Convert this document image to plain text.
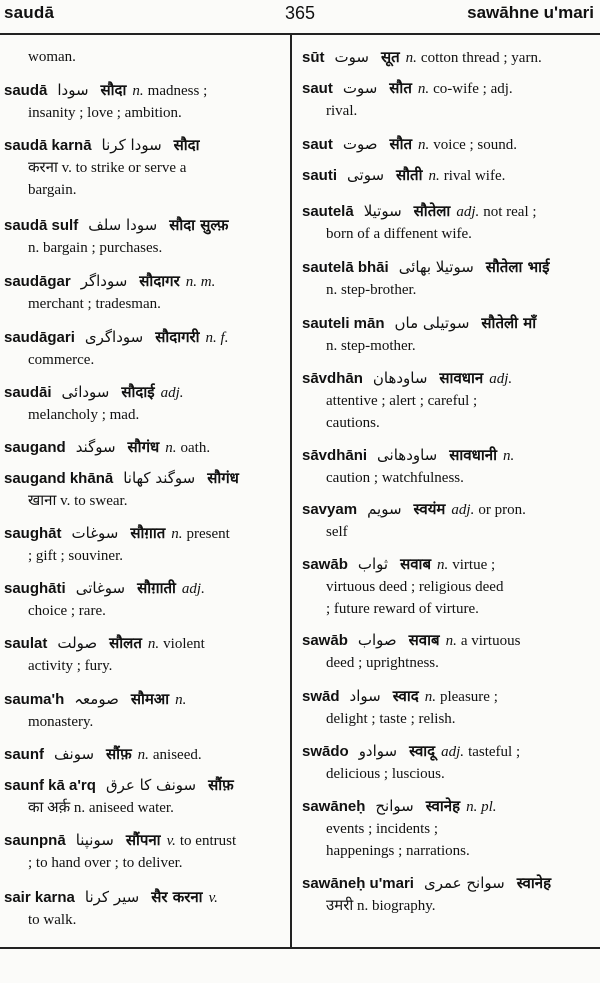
saudā	365	sawāhne u'mari
woman.
saudā سودا सौदा n. madness ;
insanity ; love ; ambition.
saudā karnā سودا کرنا सौदा
करना v. to strike or serve a
bargain.
saudā sulf سودا سلف सौदा सुल्फ़
n. bargain ; purchases.
saudāgar سوداگر सौदागर n. m.
merchant ; tradesman.
saudāgari سوداگری सौदागरी n. f.
commerce.
saudāi سودائی सौदाई adj.
melancholy ; mad.
saugand سوگند सौगंध n. oath.
saugand khānā سوگند کھانا सौगंध
खाना v. to swear.
saughāt سوغات सौग़ात n. present
; gift ; souviner.
saughāti سوغاتی सौग़ाती adj.
choice ; rare.
saulat صولت सौलत n. violent
activity ; fury.
sauma'h صومعہ सौमआ n.
monastery.
saunf سونف सौंफ़ n. aniseed.
saunf kā a'rq سونف کا عرق सौंफ़
का अर्क़ n. aniseed water.
saunpnā سونپنا सौंपना v. to entrust
; to hand over ; to deliver.
sair karna سیر کرنا सैर करना v.
to walk.
sūt سوت सूत n. cotton thread ; yarn.
saut سوت सौत n. co-wife ; adj.
rival.
saut صوت सौत n. voice ; sound.
sauti سوتی सौती n. rival wife.
sautelā سوتیلا सौतेला adj. not real ;
born of a diffenent wife.
sautelā bhāi سوتیلا بھائی सौतेला भाई
n. step-brother.
sauteli mān سوتیلی ماں सौतेली माँ
n. step-mother.
sāvdhān ساودھان सावधान adj.
attentive ; alert ; careful ;
cautions.
sāvdhāni ساودھانی सावधानी n.
caution ; watchfulness.
savyam سویم स्वयंम adj. or pron.
self
sawāb ثواب सवाब n. virtue ;
virtuous deed ; religious deed
; future reward of virture.
sawāb صواب सवाब n. a virtuous
deed ; uprightness.
swād سواد स्वाद n. pleasure ;
delight ; taste ; relish.
swādo سوادو स्वादू adj. tasteful ;
delicious ; luscious.
sawāneḥ سوانح स्वानेह n. pl.
events ; incidents ;
happenings ; narrations.
sawāneḥ u'mari سوانح عمری स्वानेह
उमरी n. biography.
